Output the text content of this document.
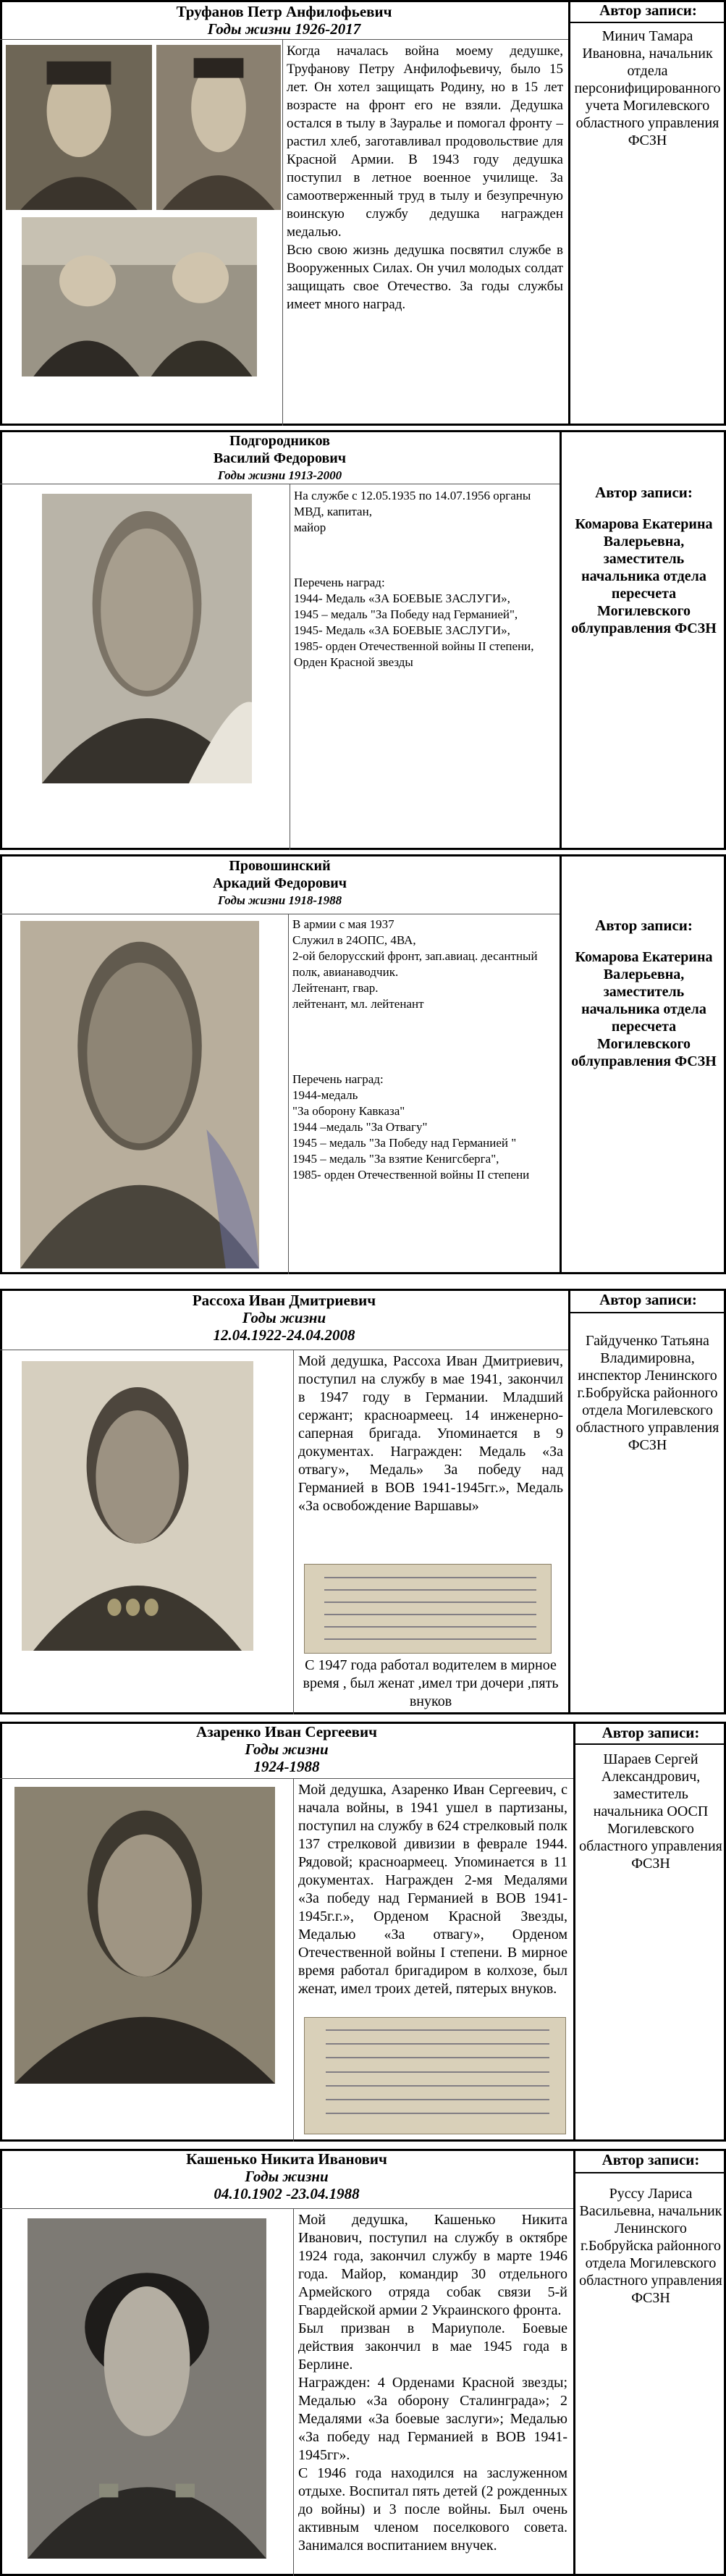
Труфанов Петр Анфилофьевич
Годы жизни 1926-2017
Когда началась война моему дедушке, Труфанову Петру Анфилофьевичу, было 15 лет. Он хотел защищать Родину, но в 15 лет возрасте на фронт его не взяли. Дедушка остался в тылу в Зауралье и помогал фронту – растил хлеб, заготавливал продовольствие для Красной Армии. В 1943 году дедушка поступил в летное военное училище. За самоотверженный труд в тылу и безупречную воинскую службу дедушка награжден медалью.
Всю свою жизнь дедушка посвятил службе в Вооруженных Силах. Он учил молодых солдат защищать свое Отечество. За годы службы имеет много наград.
Автор записи:
Минич Тамара Ивановна, начальник отдела персонифицированного учета Могилевского областного управления ФСЗН
Подгородников
Василий Федорович
Годы жизни 1913-2000
На службе с 12.05.1935 по 14.07.1956 органы МВД, капитан,
майор
Перечень наград:
1944- Медаль «ЗА БОЕВЫЕ ЗАСЛУГИ»,
1945 – медаль "За Победу над Германией",
1945- Медаль «ЗА БОЕВЫЕ ЗАСЛУГИ»,
1985- орден Отечественной войны II степени,
Орден Красной звезды
Автор записи:
Комарова Екатерина Валерьевна, заместитель начальника отдела пересчета Могилевского облуправления ФСЗН
Провошинский
Аркадий Федорович
Годы жизни 1918-1988
В армии с мая 1937
Служил в 24ОПС, 4ВА,
2-ой белорусский фронт, зап.авиац. десантный полк, авианаводчик.
Лейтенант, гвар.
лейтенант, мл. лейтенант
Перечень наград:
1944-медаль
"За оборону Кавказа"
1944 –медаль "За Отвагу"
1945 – медаль "За Победу над Германией "
1945 – медаль "За взятие Кенигсберга",
1985- орден Отечественной войны II степени
Автор записи:
Комарова Екатерина Валерьевна, заместитель начальника отдела пересчета Могилевского облуправления ФСЗН
Рассоха Иван Дмитриевич
Годы жизни
12.04.1922-24.04.2008
Мой дедушка, Рассоха Иван Дмитриевич, поступил на службу в мае 1941, закончил в 1947 году в Германии. Младший сержант; красноармеец. 14 инженерно-саперная бригада. Упоминается в 9 документах. Награжден: Медаль «За отвагу», Медаль» За победу над Германией в ВОВ 1941-1945гг.», Медаль «За освобождение Варшавы»
С 1947 года работал водителем в мирное время , был женат ,имел три дочери ,пять внуков
Автор записи:
Гайдученко Татьяна Владимировна, инспектор Ленинского г.Бобруйска районного отдела Могилевского областного управления ФСЗН
Азаренко Иван Сергеевич
Годы жизни
1924-1988
Мой дедушка, Азаренко Иван Сергеевич, с начала войны, в 1941 ушел в партизаны, поступил на службу в 624 стрелковый полк 137 стрелковой дивизии в феврале 1944. Рядовой; красноармеец. Упоминается в 11 документах. Награжден 2-мя Медалями «За победу над Германией в ВОВ 1941-1945г.г.», Орденом Красной Звезды, Медалью «За отвагу», Орденом Отечественной войны I степени. В мирное время работал бригадиром в колхозе, был женат, имел троих детей, пятерых внуков.
Автор записи:
Шараев Сергей Александрович, заместитель начальника ООСП Могилевского областного управления ФСЗН
Кашенько Никита Иванович
Годы жизни
04.10.1902 -23.04.1988
Мой дедушка, Кашенько Никита Иванович, поступил на службу в октябре 1924 года, закончил службу в марте 1946 года. Майор, командир 30 отдельного Армейского отряда собак связи 5-й Гвардейской армии 2 Украинского фронта.
Был призван в Мариуполе. Боевые действия закончил в мае 1945 года в Берлине.
Награжден: 4 Орденами Красной звезды; Медалью «За оборону Сталинграда»; 2 Медалями «За боевые заслуги»; Медалью «За победу над Германией в ВОВ 1941-1945гг».
С 1946 года находился на заслуженном отдыхе. Воспитал пять детей (2 рожденных до войны) и 3 после войны. Был очень активным членом поселкового совета. Занимался воспитанием внучек.
Автор записи:
Руссу Лариса Васильевна, начальник Ленинского г.Бобруйска районного отдела Могилевского областного управления ФСЗН
